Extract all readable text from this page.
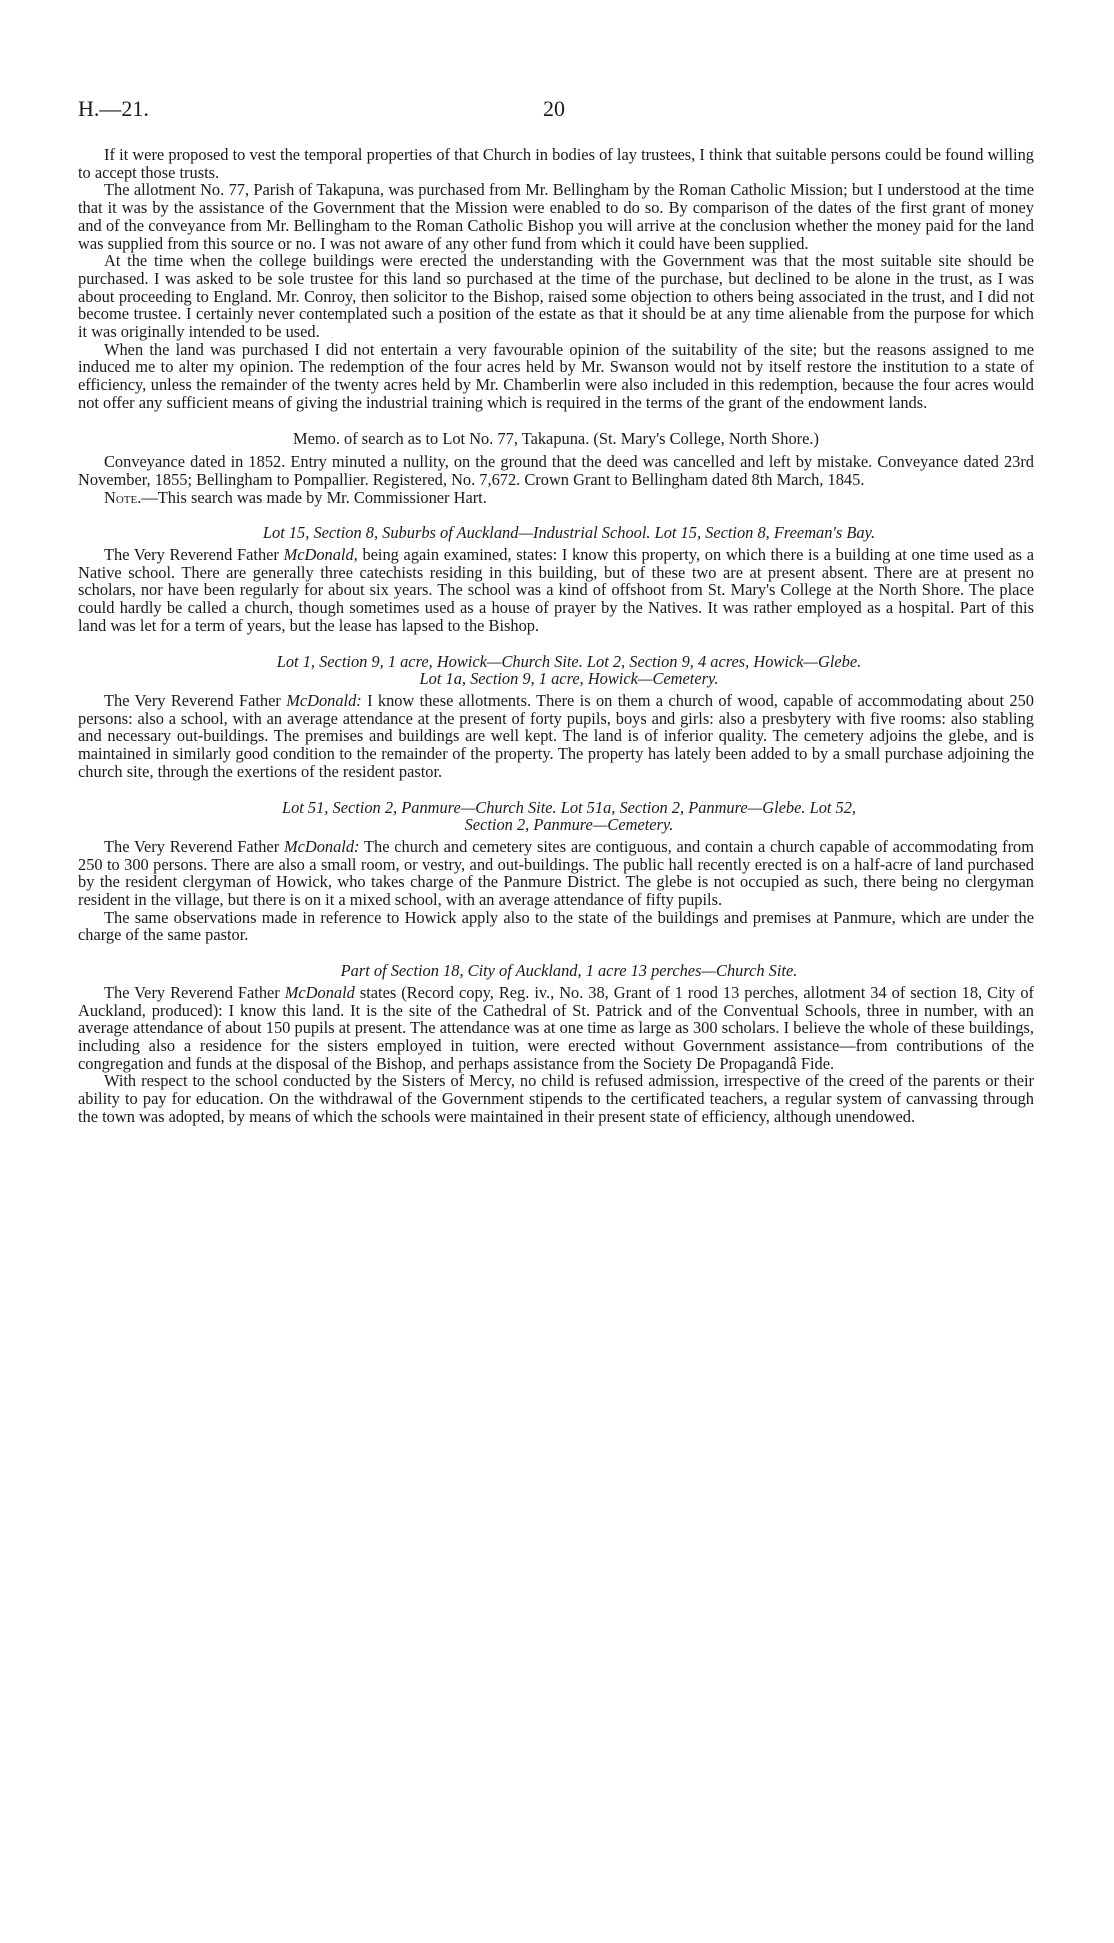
H.—21.	20

If it were proposed to vest the temporal properties of that Church in bodies of lay trustees, I think that suitable persons could be found willing to accept those trusts.

The allotment No. 77, Parish of Takapuna, was purchased from Mr. Bellingham by the Roman Catholic Mission; but I understood at the time that it was by the assistance of the Government that the Mission were enabled to do so. By comparison of the dates of the first grant of money and of the conveyance from Mr. Bellingham to the Roman Catholic Bishop you will arrive at the conclusion whether the money paid for the land was supplied from this source or no. I was not aware of any other fund from which it could have been supplied.

At the time when the college buildings were erected the understanding with the Government was that the most suitable site should be purchased. I was asked to be sole trustee for this land so purchased at the time of the purchase, but declined to be alone in the trust, as I was about proceeding to England. Mr. Conroy, then solicitor to the Bishop, raised some objection to others being associated in the trust, and I did not become trustee. I certainly never contemplated such a position of the estate as that it should be at any time alienable from the purpose for which it was originally intended to be used.

When the land was purchased I did not entertain a very favourable opinion of the suitability of the site; but the reasons assigned to me induced me to alter my opinion. The redemption of the four acres held by Mr. Swanson would not by itself restore the institution to a state of efficiency, unless the remainder of the twenty acres held by Mr. Chamberlin were also included in this redemption, because the four acres would not offer any sufficient means of giving the industrial training which is required in the terms of the grant of the endowment lands.

Memo. of search as to Lot No. 77, Takapuna. (St. Mary's College, North Shore.)

Conveyance dated in 1852. Entry minuted a nullity, on the ground that the deed was cancelled and left by mistake. Conveyance dated 23rd November, 1855; Bellingham to Pompallier. Registered, No. 7,672. Crown Grant to Bellingham dated 8th March, 1845.

Note.—This search was made by Mr. Commissioner Hart.

Lot 15, Section 8, Suburbs of Auckland—Industrial School. Lot 15, Section 8, Freeman's Bay.

The Very Reverend Father McDonald, being again examined, states: I know this property, on which there is a building at one time used as a Native school. There are generally three catechists residing in this building, but of these two are at present absent. There are at present no scholars, nor have been regularly for about six years. The school was a kind of offshoot from St. Mary's College at the North Shore. The place could hardly be called a church, though sometimes used as a house of prayer by the Natives. It was rather employed as a hospital. Part of this land was let for a term of years, but the lease has lapsed to the Bishop.

Lot 1, Section 9, 1 acre, Howick—Church Site. Lot 2, Section 9, 4 acres, Howick—Glebe.

Lot 1a, Section 9, 1 acre, Howick—Cemetery.

The Very Reverend Father McDonald: I know these allotments. There is on them a church of wood, capable of accommodating about 250 persons: also a school, with an average attendance at the present of forty pupils, boys and girls: also a presbytery with five rooms: also stabling and necessary out-buildings. The premises and buildings are well kept. The land is of inferior quality. The cemetery adjoins the glebe, and is maintained in similarly good condition to the remainder of the property. The property has lately been added to by a small purchase adjoining the church site, through the exertions of the resident pastor.

Lot 51, Section 2, Panmure—Church Site. Lot 51a, Section 2, Panmure—Glebe. Lot 52,

Section 2, Panmure—Cemetery.

The Very Reverend Father McDonald: The church and cemetery sites are contiguous, and contain a church capable of accommodating from 250 to 300 persons. There are also a small room, or vestry, and out-buildings. The public hall recently erected is on a half-acre of land purchased by the resident clergyman of Howick, who takes charge of the Panmure District. The glebe is not occupied as such, there being no clergyman resident in the village, but there is on it a mixed school, with an average attendance of fifty pupils.

The same observations made in reference to Howick apply also to the state of the buildings and premises at Panmure, which are under the charge of the same pastor.

Part of Section 18, City of Auckland, 1 acre 13 perches—Church Site.

The Very Reverend Father McDonald states (Record copy, Reg. iv., No. 38, Grant of 1 rood 13 perches, allotment 34 of section 18, City of Auckland, produced): I know this land. It is the site of the Cathedral of St. Patrick and of the Conventual Schools, three in number, with an average attendance of about 150 pupils at present. The attendance was at one time as large as 300 scholars. I believe the whole of these buildings, including also a residence for the sisters employed in tuition, were erected without Government assistance—from contributions of the congregation and funds at the disposal of the Bishop, and perhaps assistance from the Society De Propagandâ Fide.

With respect to the school conducted by the Sisters of Mercy, no child is refused admission, irrespective of the creed of the parents or their ability to pay for education. On the withdrawal of the Government stipends to the certificated teachers, a regular system of canvassing through the town was adopted, by means of which the schools were maintained in their present state of efficiency, although unendowed.
